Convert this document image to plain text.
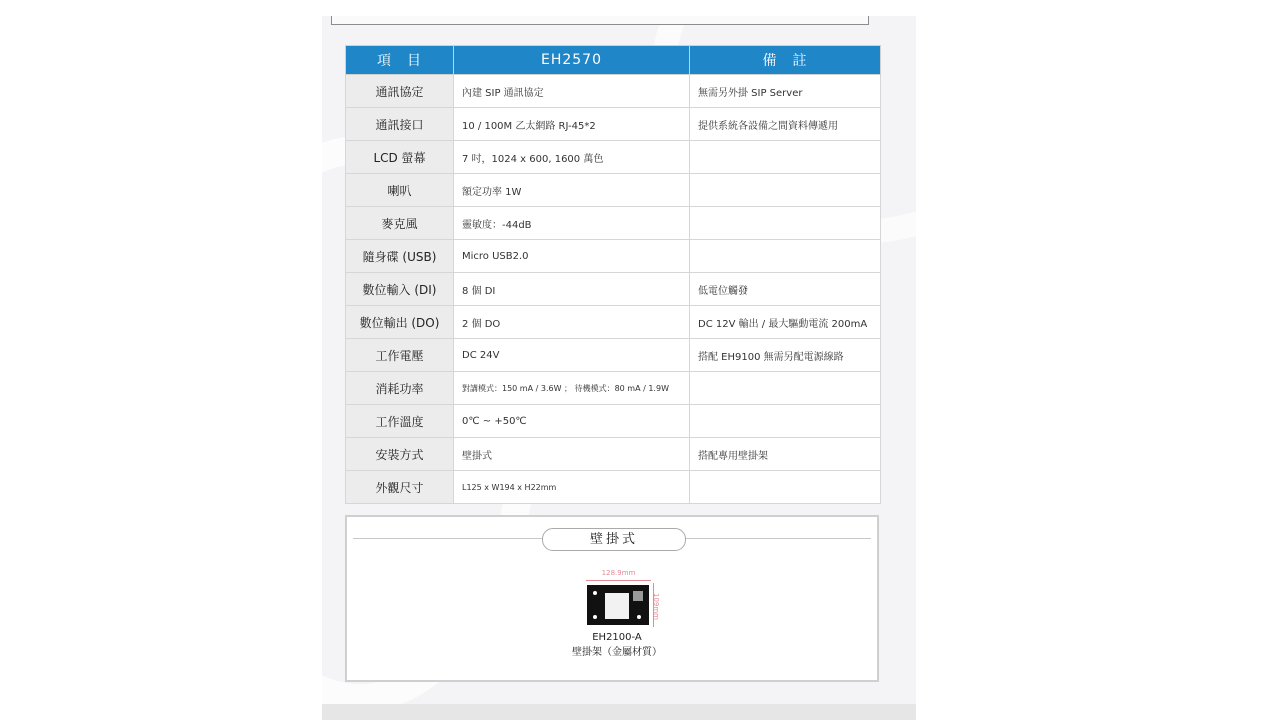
項　目	EH2570	備　註
通訊協定	內建 SIP 通訊協定	無需另外掛 SIP Server
通訊接口	10 / 100M 乙太網路 RJ-45*2	提供系統各設備之間資料傳遞用
LCD 螢幕	7 吋，1024 x 600, 1600 萬色	
喇叭	額定功率 1W	
麥克風	靈敏度：-44dB	
隨身碟 (USB)	Micro USB2.0	
數位輸入 (DI)	8 個 DI	低電位觸發
數位輸出 (DO)	2 個 DO	DC 12V 輸出 / 最大驅動電流 200mA
工作電壓	DC 24V	搭配 EH9100 無需另配電源線路
消耗功率	對講模式：150 mA / 3.6W ； 待機模式：80 mA / 1.9W	
工作溫度	0℃ ~ +50℃	
安裝方式	壁掛式	搭配專用壁掛架
外觀尺寸	L125 x W194 x H22mm	
壁掛式
128.9mm
109mm
EH2100-A
壁掛架（金屬材質）
